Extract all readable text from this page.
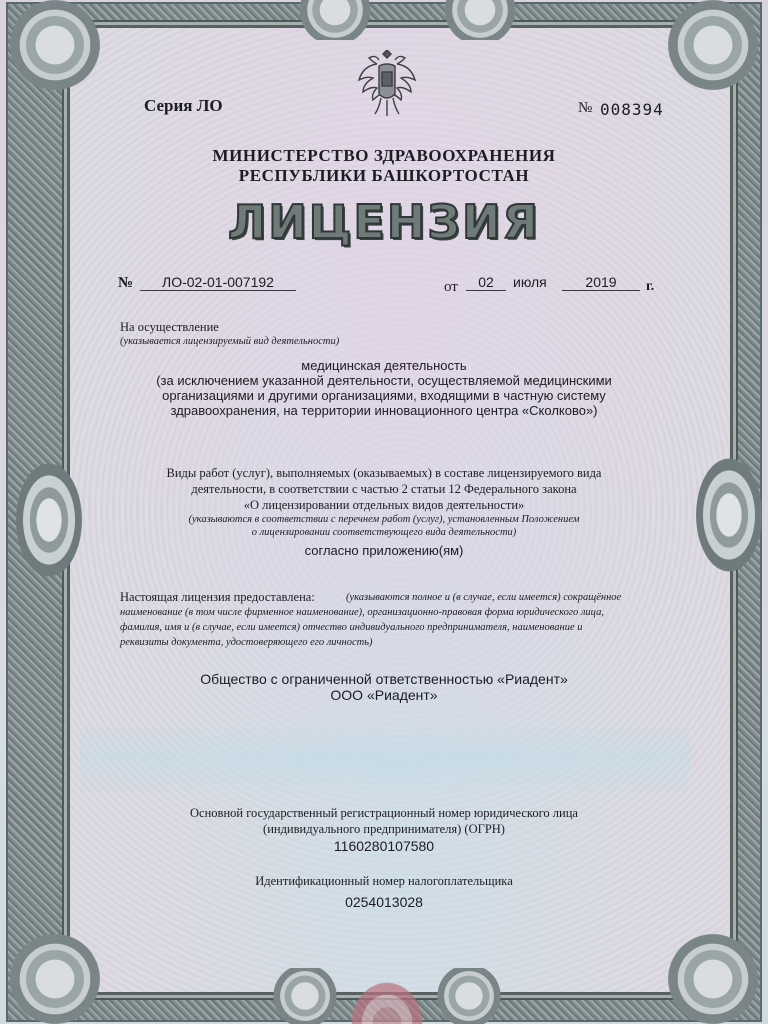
Серия ЛО	№ 008394
МИНИСТЕРСТВО ЗДРАВООХРАНЕНИЯ
РЕСПУБЛИКИ БАШКОРТОСТАН
ЛИЦЕНЗИЯ
№	ЛО-02-01-007192	от	02	июля	2019	г.
На осуществление
(указывается лицензируемый вид деятельности)
медицинская деятельность
(за исключением указанной деятельности, осуществляемой медицинскими
организациями и другими организациями, входящими в частную систему
здравоохранения, на территории инновационного центра «Сколково»)
Виды работ (услуг), выполняемых (оказываемых) в составе лицензируемого вида
деятельности, в соответствии с частью 2 статьи 12 Федерального закона
«О лицензировании отдельных видов деятельности»
(указываются в соответствии с перечнем работ (услуг), установленным Положением
о лицензировании соответствующего вида деятельности)
согласно приложению(ям)
Настоящая лицензия предоставлена:	(указываются полное и (в случае, если имеется) сокращённое
наименование (в том числе фирменное наименование), организационно-правовая форма юридического лица,
фамилия, имя и (в случае, если имеется) отчество индивидуального предпринимателя, наименование и
реквизиты документа, удостоверяющего его личность)
Общество с ограниченной ответственностью «Риадент»
ООО «Риадент»
Основной государственный регистрационный номер юридического лица
(индивидуального предпринимателя) (ОГРН)
1160280107580
Идентификационный номер налогоплательщика
0254013028
